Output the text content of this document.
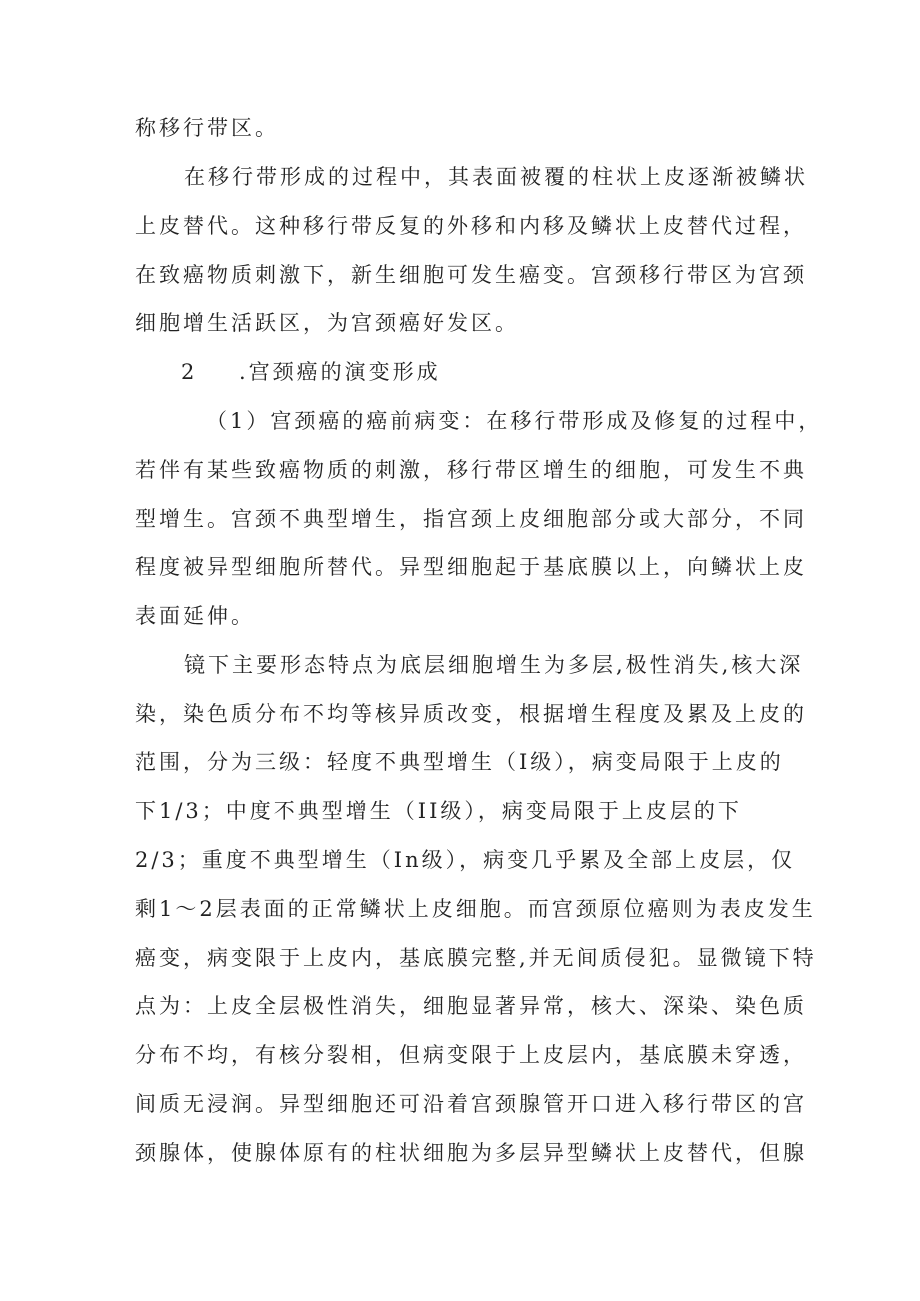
称移行带区。
在移行带形成的过程中，其表面被覆的柱状上皮逐渐被鳞状
上皮替代。这种移行带反复的外移和内移及鳞状上皮替代过程，
在致癌物质刺激下，新生细胞可发生癌变。宫颈移行带区为宫颈
细胞增生活跃区，为宫颈癌好发区。
2 .宫颈癌的演变形成
（1）宫颈癌的癌前病变：在移行带形成及修复的过程中，
若伴有某些致癌物质的刺激，移行带区增生的细胞，可发生不典
型增生。宫颈不典型增生，指宫颈上皮细胞部分或大部分，不同
程度被异型细胞所替代。异型细胞起于基底膜以上，向鳞状上皮
表面延伸。
镜下主要形态特点为底层细胞增生为多层,极性消失,核大深
染，染色质分布不均等核异质改变，根据增生程度及累及上皮的
范围，分为三级：轻度不典型增生（I级），病变局限于上皮的
下1/3；中度不典型增生（II级），病变局限于上皮层的下
2/3；重度不典型增生（In级），病变几乎累及全部上皮层，仅
剩1～2层表面的正常鳞状上皮细胞。而宫颈原位癌则为表皮发生
癌变，病变限于上皮内，基底膜完整,并无间质侵犯。显微镜下特
点为：上皮全层极性消失，细胞显著异常，核大、深染、染色质
分布不均，有核分裂相，但病变限于上皮层内，基底膜未穿透，
间质无浸润。异型细胞还可沿着宫颈腺管开口进入移行带区的宫
颈腺体，使腺体原有的柱状细胞为多层异型鳞状上皮替代，但腺
